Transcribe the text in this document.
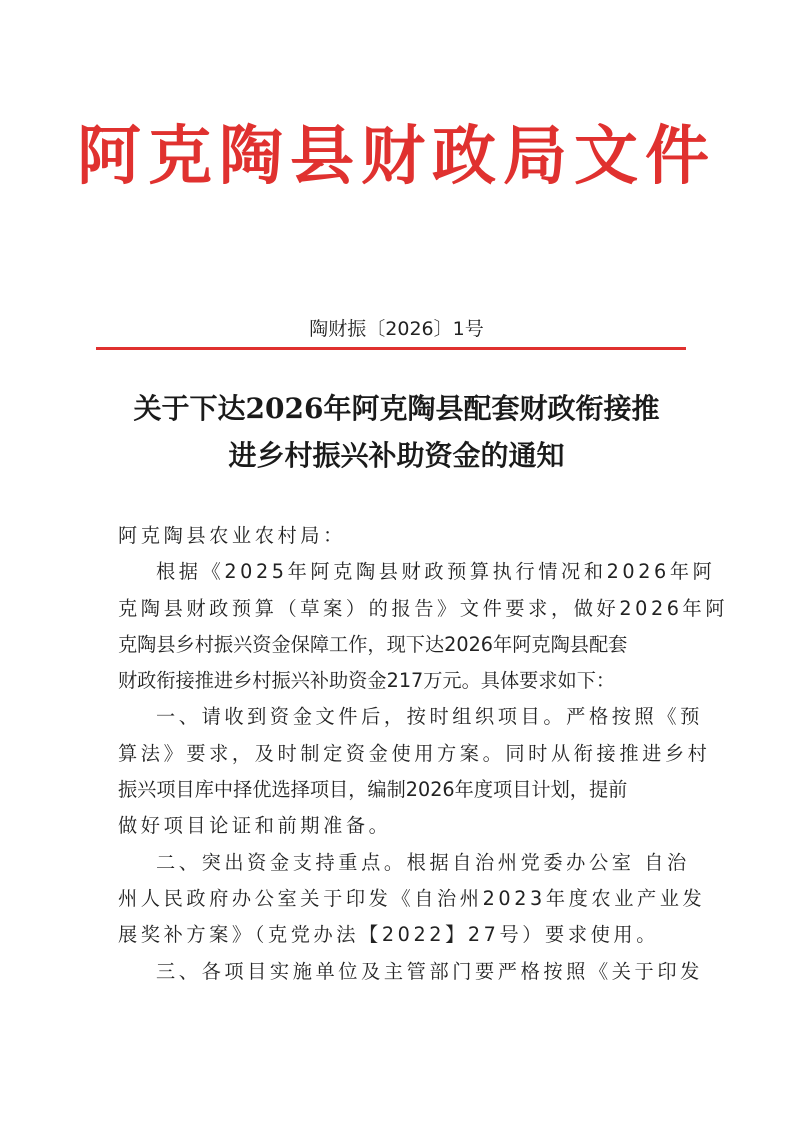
阿克陶县财政局文件
陶财振〔2026〕1号
关于下达2026年阿克陶县配套财政衔接推
进乡村振兴补助资金的通知
阿克陶县农业农村局：
根据《2025年阿克陶县财政预算执行情况和2026年阿
克陶县财政预算（草案）的报告》文件要求，做好2026年阿
克陶县乡村振兴资金保障工作，现下达2026年阿克陶县配套
财政衔接推进乡村振兴补助资金217万元。具体要求如下：
一、请收到资金文件后，按时组织项目。严格按照《预
算法》要求，及时制定资金使用方案。同时从衔接推进乡村
振兴项目库中择优选择项目，编制2026年度项目计划，提前
做好项目论证和前期准备。
二、突出资金支持重点。根据自治州党委办公室 自治
州人民政府办公室关于印发《自治州2023年度农业产业发
展奖补方案》（克党办法【2022】27号）要求使用。
三、各项目实施单位及主管部门要严格按照《关于印发
